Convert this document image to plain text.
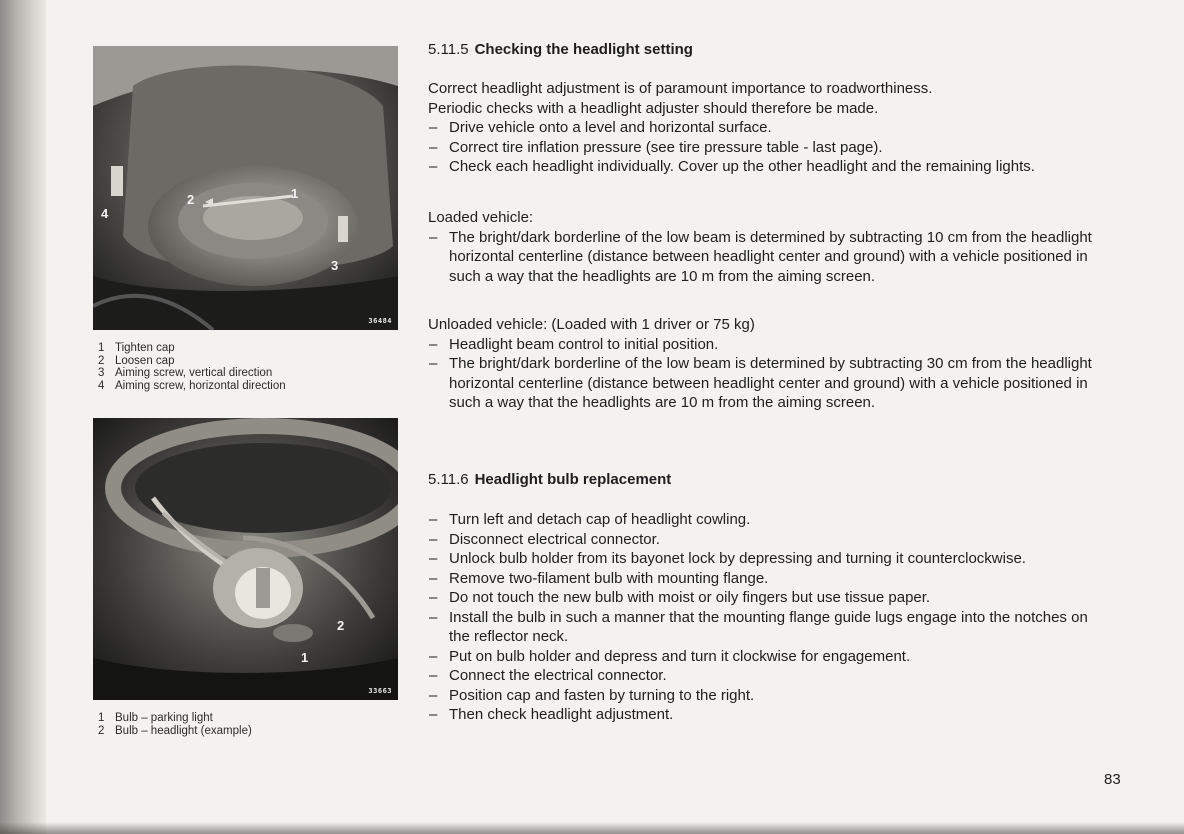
4
2	1
3
36484
1 Tighten cap
2 Loosen cap
3 Aiming screw, vertical direction
4 Aiming screw, horizontal direction
2
1
33663
1 Bulb – parking light
2 Bulb – headlight (example)
5.11.5 Checking the headlight setting

Correct headlight adjustment is of paramount importance to roadworthiness.

Periodic checks with a headlight adjuster should therefore be made.

– Drive vehicle onto a level and horizontal surface.
– Correct tire inflation pressure (see tire pressure table - last page).
– Check each headlight individually. Cover up the other headlight and the remaining lights.

Loaded vehicle:

– The bright/dark borderline of the low beam is determined by subtracting 10 cm from the headlight horizontal centerline (distance between headlight center and ground) with a vehicle positioned in such a way that the headlights are 10 m from the aiming screen.

Unloaded vehicle: (Loaded with 1 driver or 75 kg)

– Headlight beam control to initial position.
– The bright/dark borderline of the low beam is determined by subtracting 30 cm from the headlight horizontal centerline (distance between headlight center and ground) with a vehicle positioned in such a way that the headlights are 10 m from the aiming screen.
5.11.6 Headlight bulb replacement
– Turn left and detach cap of headlight cowling.
– Disconnect electrical connector.
– Unlock bulb holder from its bayonet lock by depressing and turning it counterclockwise.
– Remove two-filament bulb with mounting flange.
– Do not touch the new bulb with moist or oily fingers but use tissue paper.
– Install the bulb in such a manner that the mounting flange guide lugs engage into the notches on the reflector neck.
– Put on bulb holder and depress and turn it clockwise for engagement.
– Connect the electrical connector.
– Position cap and fasten by turning to the right.
– Then check headlight adjustment.
83
